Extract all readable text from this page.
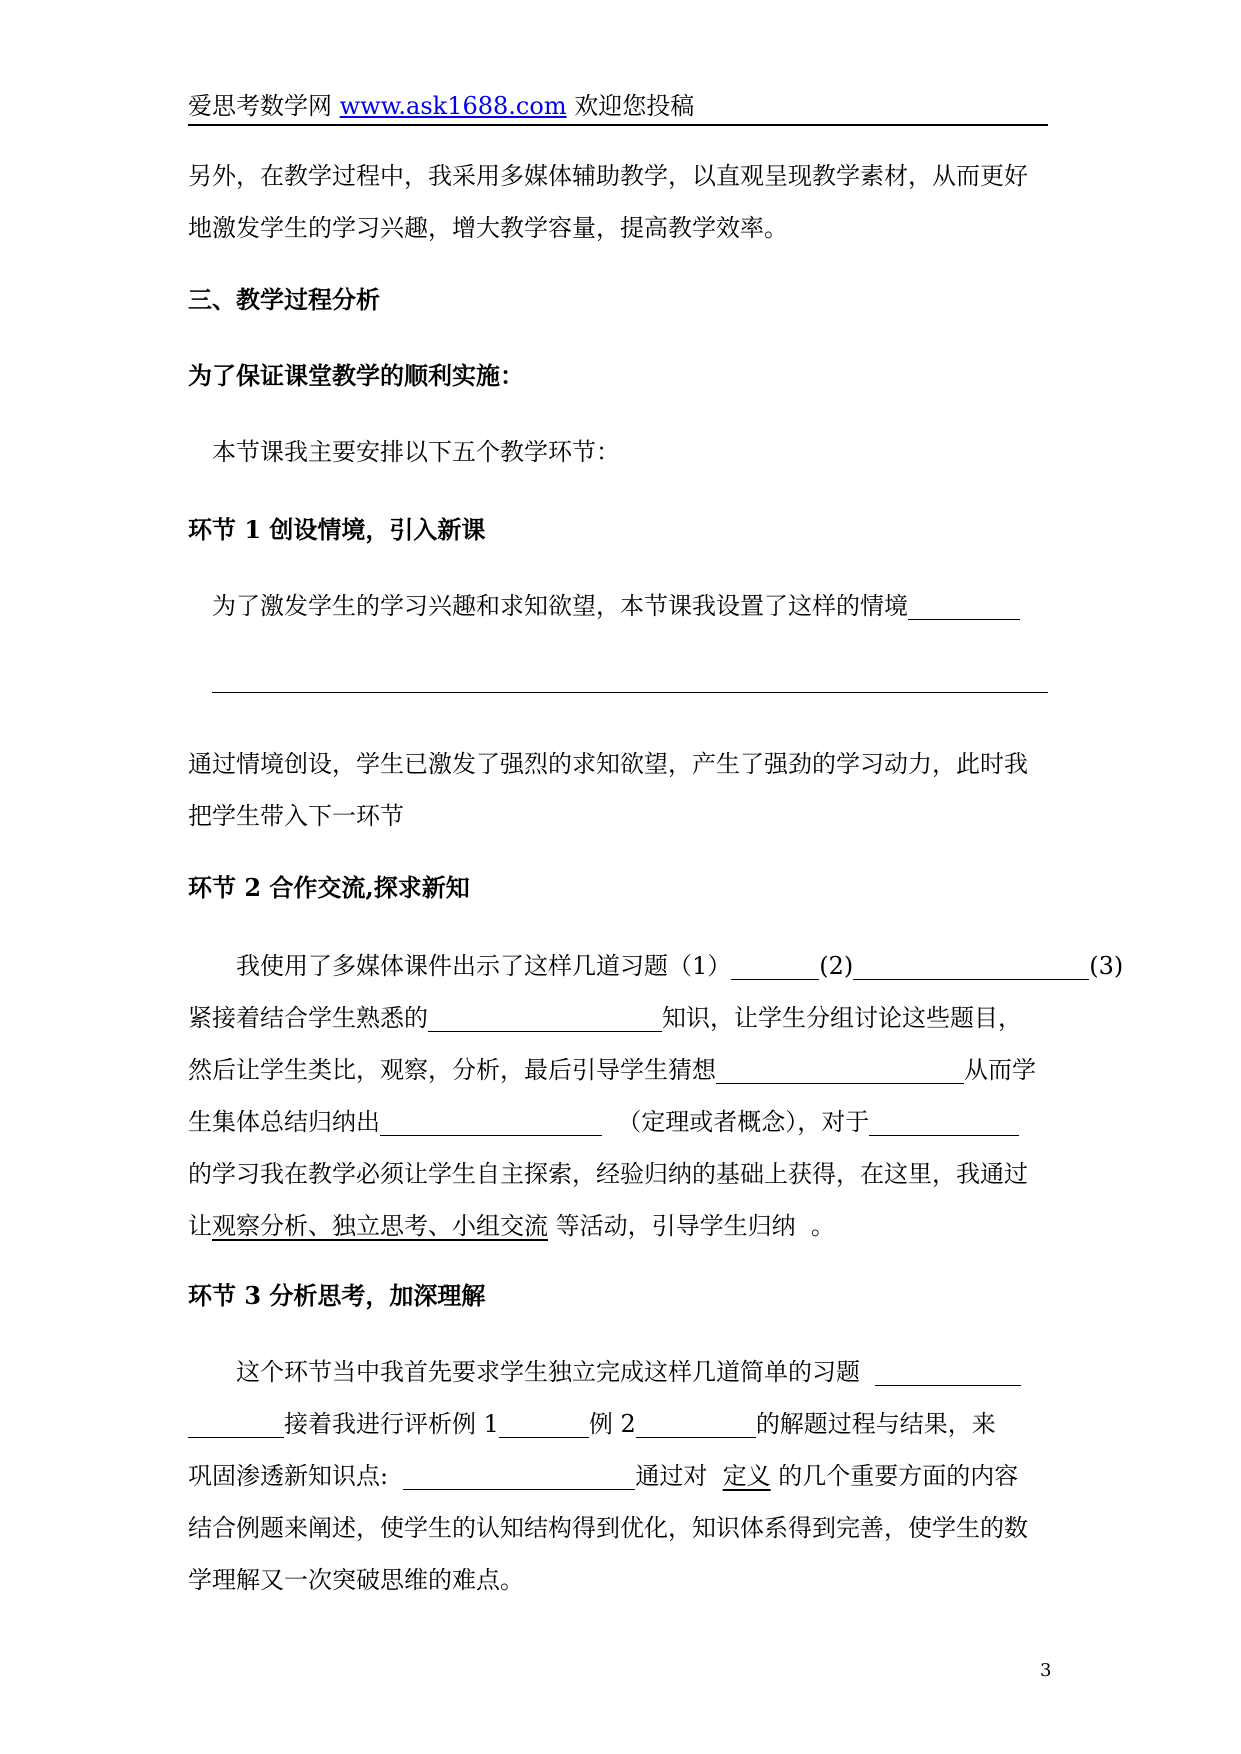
爱思考数学网 www.ask1688.com 欢迎您投稿
另外，在教学过程中，我采用多媒体辅助教学，以直观呈现教学素材，从而更好
地激发学生的学习兴趣，增大教学容量，提高教学效率。
三、教学过程分析
为了保证课堂教学的顺利实施：
本节课我主要安排以下五个教学环节：
环节 1 创设情境，引入新课
为了激发学生的学习兴趣和求知欲望，本节课我设置了这样的情境
通过情境创设，学生已激发了强烈的求知欲望，产生了强劲的学习动力，此时我
把学生带入下一环节
环节 2 合作交流,探求新知
我使用了多媒体课件出示了这样几道习题（1）	(2)	(3)
紧接着结合学生熟悉的	知识，让学生分组讨论这些题目，
然后让学生类比，观察，分析，最后引导学生猜想	从而学
生集体总结归纳出	（定理或者概念），对于
的学习我在教学必须让学生自主探索，经验归纳的基础上获得，在这里，我通过
让观察分析、独立思考、小组交流 等活动，引导学生归纳 。
环节 3 分析思考，加深理解
这个环节当中我首先要求学生独立完成这样几道简单的习题
接着我进行评析例 1	例 2	的解题过程与结果，来
巩固渗透新知识点:	通过对 定义 的几个重要方面的内容
结合例题来阐述，使学生的认知结构得到优化，知识体系得到完善，使学生的数
学理解又一次突破思维的难点。
3
